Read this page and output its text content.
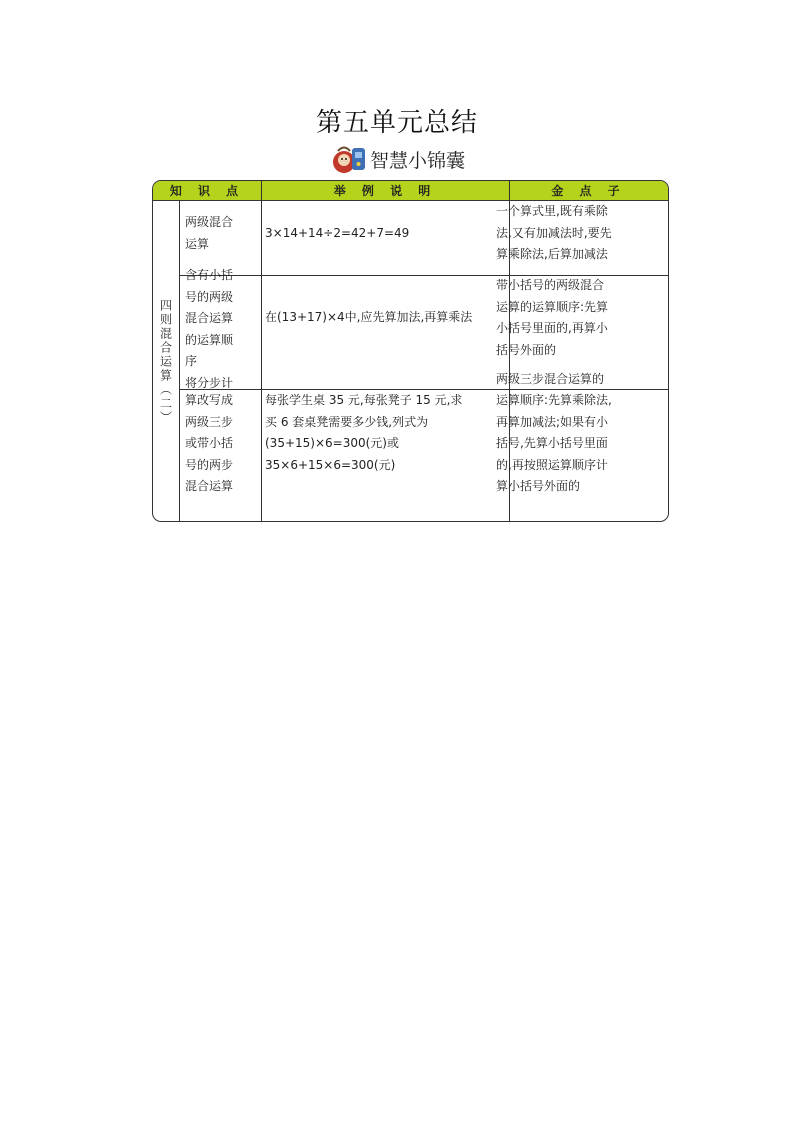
第五单元总结
智慧小锦囊
知 识 点	举 例 说 明	金 点 子
四则混合运算（二）
两级混合
运算
3×14+14÷2=42+7=49
一个算式里,既有乘除
法,又有加减法时,要先
算乘除法,后算加减法
含有小括
号的两级
混合运算
的运算顺
序
将分步计
在(13+17)×4中,应先算加法,再算乘法
带小括号的两级混合
运算的运算顺序:先算
小括号里面的,再算小
括号外面的
两级三步混合运算的
算改写成
两级三步
或带小括
号的两步
混合运算
每张学生桌 35 元,每张凳子 15 元,求
买 6 套桌凳需要多少钱,列式为
(35+15)×6=300(元)或
35×6+15×6=300(元)
运算顺序:先算乘除法,
再算加减法;如果有小
括号,先算小括号里面
的,再按照运算顺序计
算小括号外面的
